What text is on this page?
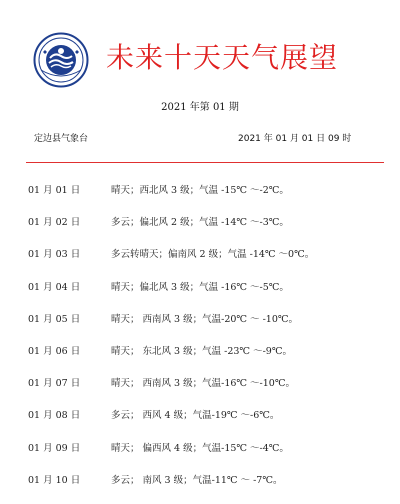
未来十天天气展望
2021 年第 01 期
定边县气象台	2021 年 01 月 01 日 09 时
01 月 01 日	晴天；西北风 3 级；气温 -15℃ ～-2℃。
01 月 02 日	多云；偏北风 2 级；气温 -14℃ ～-3℃。
01 月 03 日	多云转晴天；偏南风 2 级；气温 -14℃ ～0℃。
01 月 04 日	晴天；偏北风 3 级；气温 -16℃ ～-5℃。
01 月 05 日	晴天； 西南风 3 级；气温-20℃ ～ -10℃。
01 月 06 日	晴天； 东北风 3 级；气温 -23℃ ～-9℃。
01 月 07 日	晴天； 西南风 3 级；气温-16℃ ～-10℃。
01 月 08 日	多云； 西风 4 级；气温-19℃ ～-6℃。
01 月 09 日	晴天； 偏西风 4 级；气温-15℃ ～-4℃。
01 月 10 日	多云； 南风 3 级；气温-11℃ ～ -7℃。
